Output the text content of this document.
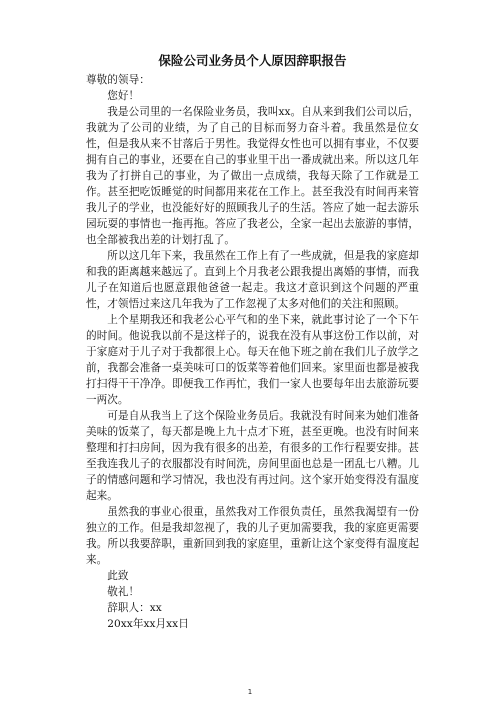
保险公司业务员个人原因辞职报告

尊敬的领导：

您好！

我是公司里的一名保险业务员，我叫xx。自从来到我们公司以后，我就为了公司的业绩，为了自己的目标而努力奋斗着。我虽然是位女性，但是我从来不甘落后于男性。我觉得女性也可以拥有事业，不仅要拥有自己的事业，还要在自己的事业里干出一番成就出来。所以这几年我为了打拼自己的事业，为了做出一点成绩，我每天除了工作就是工作。甚至把吃饭睡觉的时间都用来花在工作上。甚至我没有时间再来管我儿子的学业，也没能好好的照顾我儿子的生活。答应了她一起去游乐园玩耍的事情也一拖再拖。答应了我老公，全家一起出去旅游的事情，也全部被我出差的计划打乱了。

所以这几年下来，我虽然在工作上有了一些成就，但是我的家庭却和我的距离越来越远了。直到上个月我老公跟我提出离婚的事情，而我儿子在知道后也愿意跟他爸爸一起走。我这才意识到这个问题的严重性，才领悟过来这几年我为了工作忽视了太多对他们的关注和照顾。

上个星期我还和我老公心平气和的坐下来，就此事讨论了一个下午的时间。他说我以前不是这样子的，说我在没有从事这份工作以前，对于家庭对于儿子对于我都很上心。每天在他下班之前在我们儿子放学之前，我都会准备一桌美味可口的饭菜等着他们回来。家里面也都是被我打扫得干干净净。即便我工作再忙，我们一家人也要每年出去旅游玩要一两次。

可是自从我当上了这个保险业务员后。我就没有时间来为她们准备美味的饭菜了，每天都是晚上九十点才下班，甚至更晚。也没有时间来整理和打扫房间，因为我有很多的出差，有很多的工作行程要安排。甚至我连我儿子的衣服都没有时间洗，房间里面也总是一团乱七八糟。儿子的情感问题和学习情况，我也没有再过问。这个家开始变得没有温度起来。

虽然我的事业心很重，虽然我对工作很负责任，虽然我渴望有一份独立的工作。但是我却忽视了，我的儿子更加需要我，我的家庭更需要我。所以我要辞职，重新回到我的家庭里，重新让这个家变得有温度起来。

此致

敬礼！

辞职人：xx

20xx年xx月xx日

1
